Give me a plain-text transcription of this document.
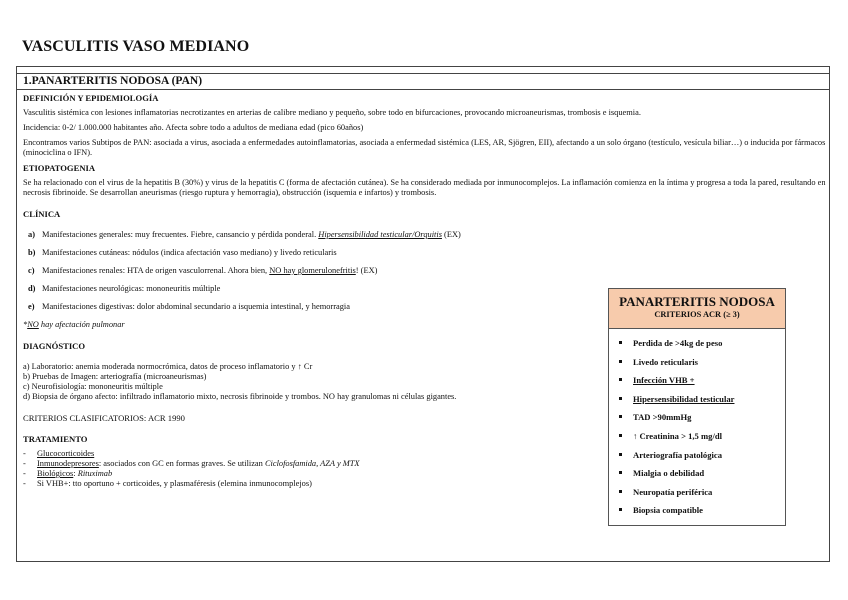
VASCULITIS VASO MEDIANO
1.PANARTERITIS NODOSA (PAN)

DEFINICIÓN Y EPIDEMIOLOGÍA

Vasculitis sistémica con lesiones inflamatorias necrotizantes en arterias de calibre mediano y pequeño, sobre todo en bifurcaciones, provocando microaneurismas, trombosis e isquemia.

Incidencia: 0-2/ 1.000.000 habitantes año. Afecta sobre todo a adultos de mediana edad (pico 60años)

Encontramos varios Subtipos de PAN: asociada a virus, asociada a enfermedades autoinflamatorias, asociada a enfermedad sistémica (LES, AR, Sjögren, EII), afectando a un solo órgano (testículo, vesícula biliar…) o inducida por fármacos (minociclina o IFN).

ETIOPATOGENIA

Se ha relacionado con el virus de la hepatitis B (30%) y virus de la hepatitis C (forma de afectación cutánea). Se ha considerado mediada por inmunocomplejos. La inflamación comienza en la íntima y progresa a toda la pared, resultando en necrosis fibrinoide. Se desarrollan aneurismas (riesgo ruptura y hemorragia), obstrucción (isquemia e infartos) y trombosis.

CLÍNICA

a) Manifestaciones generales: muy frecuentes. Fiebre, cansancio y pérdida ponderal. Hipersensibilidad testicular/Orquitis (EX)
b) Manifestaciones cutáneas: nódulos (indica afectación vaso mediano) y livedo reticularis
c) Manifestaciones renales: HTA de origen vasculorrenal. Ahora bien, NO hay glomerulonefritis! (EX)
d) Manifestaciones neurológicas: mononeuritis múltiple
e) Manifestaciones digestivas: dolor abdominal secundario a isquemia intestinal, y hemorragia

*NO hay afectación pulmonar

DIAGNÓSTICO

a) Laboratorio: anemia moderada normocrómica, datos de proceso inflamatorio y ↑ Cr
b) Pruebas de Imagen: arteriografía (microaneurismas)
c) Neurofisiología: mononeuritis múltiple
d) Biopsia de órgano afecto: infiltrado inflamatorio mixto, necrosis fibrinoide y trombos. NO hay granulomas ni células gigantes.

CRITERIOS CLASIFICATORIOS: ACR 1990

TRATAMIENTO

- Glucocorticoides
- Inmunodepresores: asociados con GC en formas graves. Se utilizan Ciclofosfamida, AZA y MTX
- Biológicos: Rituximab
- Si VHB+: tto oportuno + corticoides, y plasmaféresis (elemina inmunocomplejos)
PANARTERITIS NODOSA
CRITERIOS ACR (≥ 3)
Perdida de >4kg de peso
Livedo reticularis
Infección VHB +
Hipersensibilidad testicular
TAD >90mmHg
↑ Creatinina > 1,5 mg/dl
Arteriografía patológica
Mialgia o debilidad
Neuropatía periférica
Biopsia compatible
